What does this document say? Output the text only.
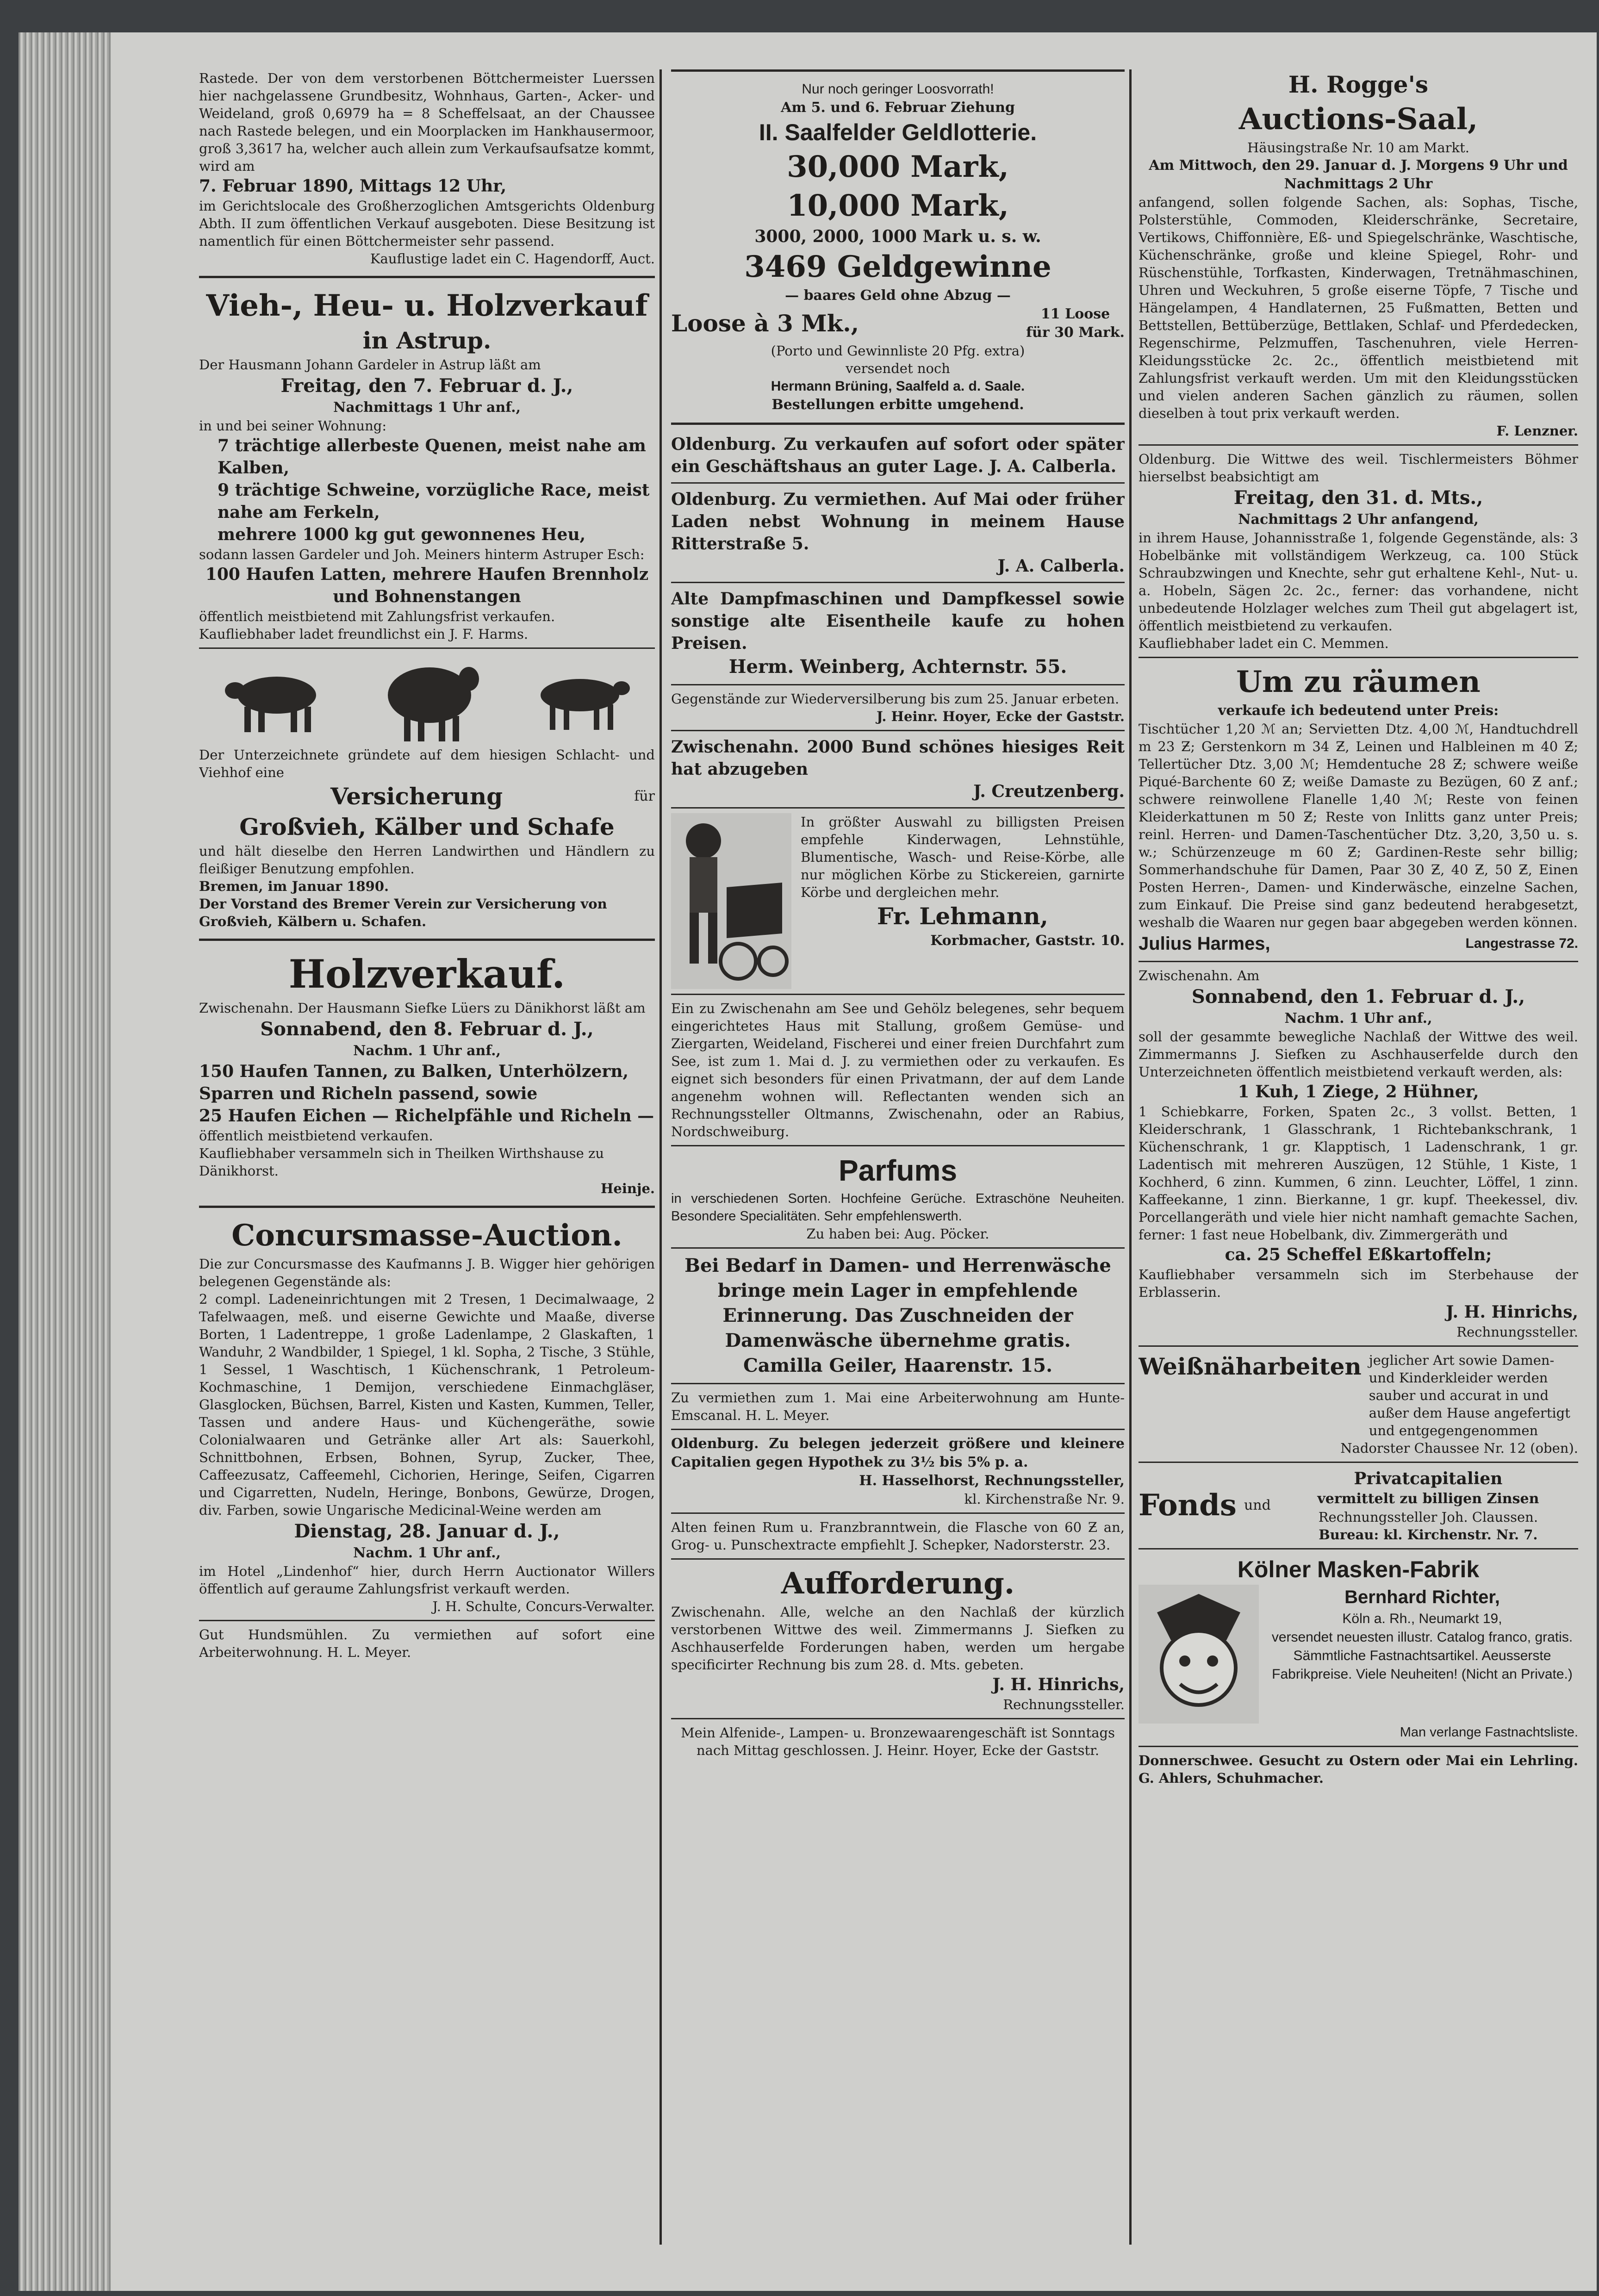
Rastede. Der von dem verstorbenen Böttchermeister Luerssen hier nachgelassene Grundbesitz, Wohnhaus, Garten-, Acker- und Weideland, groß 0,6979 ha = 8 Scheffelsaat, an der Chaussee nach Rastede belegen, und ein Moorplacken im Hankhausermoor, groß 3,3617 ha, welcher auch allein zum Verkaufsaufsatze kommt, wird am

7. Februar 1890, Mittags 12 Uhr,

im Gerichtslocale des Großherzoglichen Amtsgerichts Oldenburg Abth. II zum öffentlichen Verkauf ausgeboten. Diese Besitzung ist namentlich für einen Böttchermeister sehr passend.

Kauflustige ladet ein C. Hagendorff, Auct.

Vieh-, Heu- u. Holzverkauf

in Astrup.

Der Hausmann Johann Gardeler in Astrup läßt am

Freitag, den 7. Februar d. J.,

Nachmittags 1 Uhr anf.,

in und bei seiner Wohnung:

7 trächtige allerbeste Quenen, meist nahe am Kalben,

9 trächtige Schweine, vorzügliche Race, meist nahe am Ferkeln,

mehrere 1000 kg gut gewonnenes Heu,

sodann lassen Gardeler und Joh. Meiners hinterm Astruper Esch:

100 Haufen Latten, mehrere Haufen Brennholz und Bohnenstangen

öffentlich meistbietend mit Zahlungsfrist verkaufen.

Kaufliebhaber ladet freundlichst ein J. F. Harms.

Der Unterzeichnete gründete auf dem hiesigen Schlacht- und Viehhof eine

Versicherung	für

Großvieh, Kälber und Schafe

und hält dieselbe den Herren Landwirthen und Händlern zu fleißiger Benutzung empfohlen.

Bremen, im Januar 1890.

Der Vorstand des Bremer Verein zur Versicherung von Großvieh, Kälbern u. Schafen.

Holzverkauf.

Zwischenahn. Der Hausmann Siefke Lüers zu Dänikhorst läßt am

Sonnabend, den 8. Februar d. J.,

Nachm. 1 Uhr anf.,

150 Haufen Tannen, zu Balken, Unterhölzern, Sparren und Richeln passend, sowie

25 Haufen Eichen — Richelpfähle und Richeln —

öffentlich meistbietend verkaufen.

Kaufliebhaber versammeln sich in Theilken Wirthshause zu Dänikhorst.

Heinje.

Concursmasse-Auction.

Die zur Concursmasse des Kaufmanns J. B. Wigger hier gehörigen belegenen Gegenstände als:

2 compl. Ladeneinrichtungen mit 2 Tresen, 1 Decimalwaage, 2 Tafelwaagen, meß. und eiserne Gewichte und Maaße, diverse Borten, 1 Ladentreppe, 1 große Ladenlampe, 2 Glaskaften, 1 Wanduhr, 2 Wandbilder, 1 Spiegel, 1 kl. Sopha, 2 Tische, 3 Stühle, 1 Sessel, 1 Waschtisch, 1 Küchenschrank, 1 Petroleum-Kochmaschine, 1 Demijon, verschiedene Einmachgläser, Glasglocken, Büchsen, Barrel, Kisten und Kasten, Kummen, Teller, Tassen und andere Haus- und Küchengeräthe, sowie Colonialwaaren und Getränke aller Art als: Sauerkohl, Schnittbohnen, Erbsen, Bohnen, Syrup, Zucker, Thee, Caffeezusatz, Caffeemehl, Cichorien, Heringe, Seifen, Cigarren und Cigarretten, Nudeln, Heringe, Bonbons, Gewürze, Drogen, div. Farben, sowie Ungarische Medicinal-Weine werden am

Dienstag, 28. Januar d. J.,

Nachm. 1 Uhr anf.,

im Hotel „Lindenhof“ hier, durch Herrn Auctionator Willers öffentlich auf geraume Zahlungsfrist verkauft werden.

J. H. Schulte, Concurs-Verwalter.

Gut Hundsmühlen. Zu vermiethen auf sofort eine Arbeiterwohnung. H. L. Meyer.

Nur noch geringer Loosvorrath!

Am 5. und 6. Februar Ziehung

II. Saalfelder Geldlotterie.

30,000 Mark,

10,000 Mark,

3000, 2000, 1000 Mark u. s. w.

3469 Geldgewinne

— baares Geld ohne Abzug —

Loose à 3 Mk.,	11 Loose

für 30 Mark.

(Porto und Gewinnliste 20 Pfg. extra)

versendet noch

Hermann Brüning, Saalfeld a. d. Saale.

Bestellungen erbitte umgehend.

Oldenburg. Zu verkaufen auf sofort oder später ein Geschäftshaus an guter Lage. J. A. Calberla.

Oldenburg. Zu vermiethen. Auf Mai oder früher Laden nebst Wohnung in meinem Hause Ritterstraße 5.

J. A. Calberla.

Alte Dampfmaschinen und Dampfkessel sowie sonstige alte Eisentheile kaufe zu hohen Preisen.

Herm. Weinberg, Achternstr. 55.

Gegenstände zur Wiederversilberung bis zum 25. Januar erbeten.

J. Heinr. Hoyer, Ecke der Gaststr.

Zwischenahn. 2000 Bund schönes hiesiges Reit hat abzugeben

J. Creutzenberg.

In größter Auswahl zu billigsten Preisen empfehle Kinderwagen, Lehnstühle, Blumentische, Wasch- und Reise-Körbe, alle nur möglichen Körbe zu Stickereien, garnirte Körbe und dergleichen mehr.

Fr. Lehmann,

Korbmacher, Gaststr. 10.

Ein zu Zwischenahn am See und Gehölz belegenes, sehr bequem eingerichtetes Haus mit Stallung, großem Gemüse- und Ziergarten, Weideland, Fischerei und einer freien Durchfahrt zum See, ist zum 1. Mai d. J. zu vermiethen oder zu verkaufen. Es eignet sich besonders für einen Privatmann, der auf dem Lande angenehm wohnen will. Reflectanten wenden sich an Rechnungssteller Oltmanns, Zwischenahn, oder an Rabius, Nordschweiburg.

Parfums

in verschiedenen Sorten. Hochfeine Gerüche. Extraschöne Neuheiten. Besondere Specialitäten. Sehr empfehlenswerth.

Zu haben bei: Aug. Pöcker.

Bei Bedarf in Damen- und Herrenwäsche bringe mein Lager in empfehlende Erinnerung. Das Zuschneiden der Damenwäsche übernehme gratis.

Camilla Geiler, Haarenstr. 15.

Zu vermiethen zum 1. Mai eine Arbeiterwohnung am Hunte-Emscanal. H. L. Meyer.

Oldenburg. Zu belegen jederzeit größere und kleinere Capitalien gegen Hypothek zu 3½ bis 5% p. a.

H. Hasselhorst, Rechnungssteller,

kl. Kirchenstraße Nr. 9.

Alten feinen Rum u. Franzbranntwein, die Flasche von 60 Ƶ an, Grog- u. Punschextracte empfiehlt J. Schepker, Nadorsterstr. 23.

Aufforderung.

Zwischenahn. Alle, welche an den Nachlaß der kürzlich verstorbenen Wittwe des weil. Zimmermanns J. Siefken zu Aschhauserfelde Forderungen haben, werden um hergabe specificirter Rechnung bis zum 28. d. Mts. gebeten.

J. H. Hinrichs,

Rechnungssteller.

Mein Alfenide-, Lampen- u. Bronzewaarengeschäft ist Sonntags nach Mittag geschlossen. J. Heinr. Hoyer, Ecke der Gaststr.

H. Rogge's

Auctions-Saal,

Häusingstraße Nr. 10 am Markt.

Am Mittwoch, den 29. Januar d. J. Morgens 9 Uhr und Nachmittags 2 Uhr

anfangend, sollen folgende Sachen, als: Sophas, Tische, Polsterstühle, Commoden, Kleiderschränke, Secretaire, Vertikows, Chiffonnière, Eß- und Spiegelschränke, Waschtische, Küchenschränke, große und kleine Spiegel, Rohr- und Rüschenstühle, Torfkasten, Kinderwagen, Tretnähmaschinen, Uhren und Weckuhren, 5 große eiserne Töpfe, 7 Tische und Hängelampen, 4 Handlaternen, 25 Fußmatten, Betten und Bettstellen, Bettüberzüge, Bettlaken, Schlaf- und Pferdedecken, Regenschirme, Pelzmuffen, Taschenuhren, viele Herren-Kleidungsstücke 2c. 2c., öffentlich meistbietend mit Zahlungsfrist verkauft werden. Um mit den Kleidungsstücken und vielen anderen Sachen gänzlich zu räumen, sollen dieselben à tout prix verkauft werden.

F. Lenzner.

Oldenburg. Die Wittwe des weil. Tischlermeisters Böhmer hierselbst beabsichtigt am

Freitag, den 31. d. Mts.,

Nachmittags 2 Uhr anfangend,

in ihrem Hause, Johannisstraße 1, folgende Gegenstände, als: 3 Hobelbänke mit vollständigem Werkzeug, ca. 100 Stück Schraubzwingen und Knechte, sehr gut erhaltene Kehl-, Nut- u. a. Hobeln, Sägen 2c. 2c., ferner: das vorhandene, nicht unbedeutende Holzlager welches zum Theil gut abgelagert ist, öffentlich meistbietend zu verkaufen.

Kaufliebhaber ladet ein C. Memmen.

Um zu räumen

verkaufe ich bedeutend unter Preis:

Tischtücher 1,20 ℳ an; Servietten Dtz. 4,00 ℳ, Handtuchdrell m 23 Ƶ; Gerstenkorn m 34 Ƶ, Leinen und Halbleinen m 40 Ƶ; Tellertücher Dtz. 3,00 ℳ; Hemdentuche 28 Ƶ; schwere weiße Piqué-Barchente 60 Ƶ; weiße Damaste zu Bezügen, 60 Ƶ anf.; schwere reinwollene Flanelle 1,40 ℳ; Reste von feinen Kleiderkattunen m 50 Ƶ; Reste von Inlitts ganz unter Preis; reinl. Herren- und Damen-Taschentücher Dtz. 3,20, 3,50 u. s. w.; Schürzenzeuge m 60 Ƶ; Gardinen-Reste sehr billig; Sommerhandschuhe für Damen, Paar 30 Ƶ, 40 Ƶ, 50 Ƶ, Einen Posten Herren-, Damen- und Kinderwäsche, einzelne Sachen, zum Einkauf. Die Preise sind ganz bedeutend herabgesetzt, weshalb die Waaren nur gegen baar abgegeben werden können.

Julius Harmes,	Langestrasse 72.

Zwischenahn. Am

Sonnabend, den 1. Februar d. J.,

Nachm. 1 Uhr anf.,

soll der gesammte bewegliche Nachlaß der Wittwe des weil. Zimmermanns J. Siefken zu Aschhauserfelde durch den Unterzeichneten öffentlich meistbietend verkauft werden, als:

1 Kuh, 1 Ziege, 2 Hühner,

1 Schiebkarre, Forken, Spaten 2c., 3 vollst. Betten, 1 Kleiderschrank, 1 Glasschrank, 1 Richtebankschrank, 1 Küchenschrank, 1 gr. Klapptisch, 1 Ladenschrank, 1 gr. Ladentisch mit mehreren Auszügen, 12 Stühle, 1 Kiste, 1 Kochherd, 6 zinn. Kummen, 6 zinn. Leuchter, Löffel, 1 zinn. Kaffeekanne, 1 zinn. Bierkanne, 1 gr. kupf. Theekessel, div. Porcellangeräth und viele hier nicht namhaft gemachte Sachen, ferner: 1 fast neue Hobelbank, div. Zimmergeräth und

ca. 25 Scheffel Eßkartoffeln;

Kaufliebhaber versammeln sich im Sterbehause der Erblasserin.

J. H. Hinrichs,

Rechnungssteller.

Weißnäharbeiten jeglicher Art sowie Damen- und Kinderkleider werden sauber und accurat in und außer dem Hause angefertigt und entgegengenommen

Nadorster Chaussee Nr. 12 (oben).

Fonds und

Privatcapitalien

vermittelt zu billigen Zinsen

Rechnungssteller Joh. Claussen.

Bureau: kl. Kirchenstr. Nr. 7.

Kölner Masken-Fabrik

Bernhard Richter,

Köln a. Rh., Neumarkt 19,

versendet neuesten illustr. Catalog franco, gratis. Sämmtliche Fastnachtsartikel. Aeusserste Fabrikpreise. Viele Neuheiten! (Nicht an Private.)

Man verlange Fastnachtsliste.

Donnerschwee. Gesucht zu Ostern oder Mai ein Lehrling. G. Ahlers, Schuhmacher.
